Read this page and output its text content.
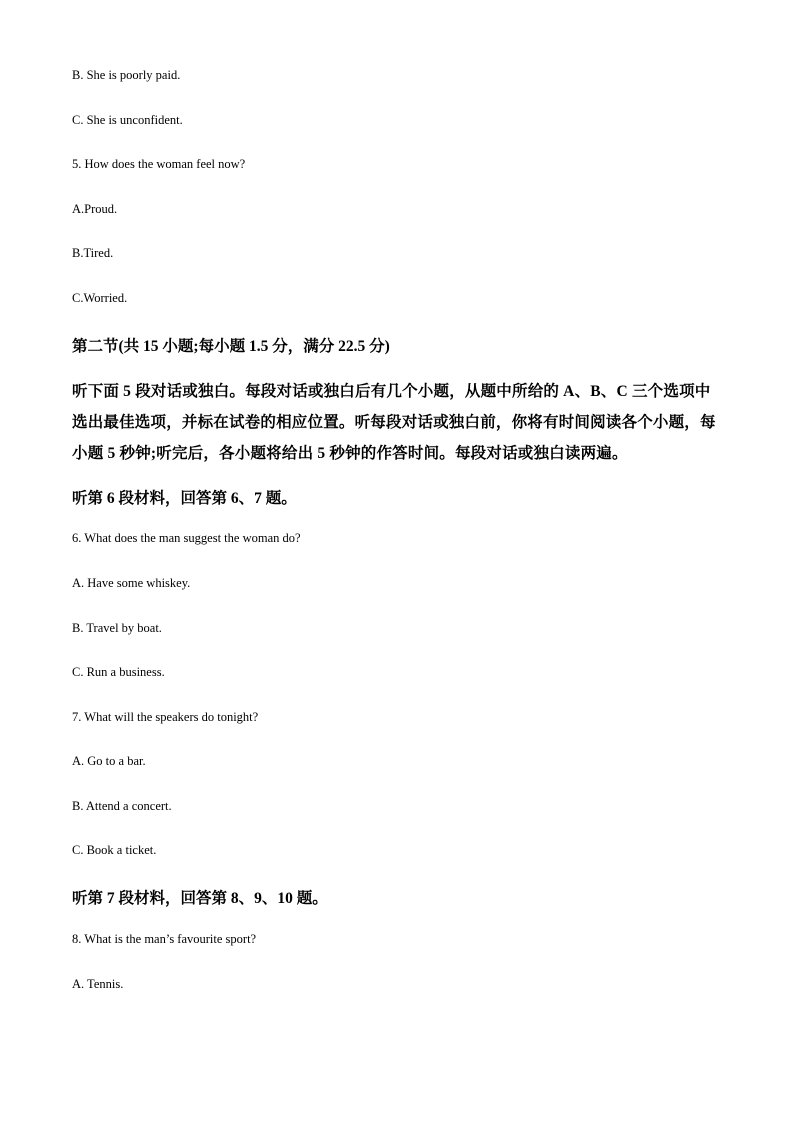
B. She is poorly paid.
C. She is unconfident.
5. How does the woman feel now?
A.Proud.
B.Tired.
C.Worried.
第二节(共 15 小题;每小题 1.5 分，满分 22.5 分)

听下面 5 段对话或独白。每段对话或独白后有几个小题，从题中所给的 A、B、C 三个选项中选出最佳选项，并标在试卷的相应位置。听每段对话或独白前，你将有时间阅读各个小题，每小题 5 秒钟;听完后，各小题将给出 5 秒钟的作答时间。每段对话或独白读两遍。

听第 6 段材料，回答第 6、7 题。
6. What does the man suggest the woman do?
A. Have some whiskey.
B. Travel by boat.
C. Run a business.
7. What will the speakers do tonight?
A. Go to a bar.
B. Attend a concert.
C. Book a ticket.
听第 7 段材料，回答第 8、9、10 题。
8. What is the man’s favourite sport?
A. Tennis.
